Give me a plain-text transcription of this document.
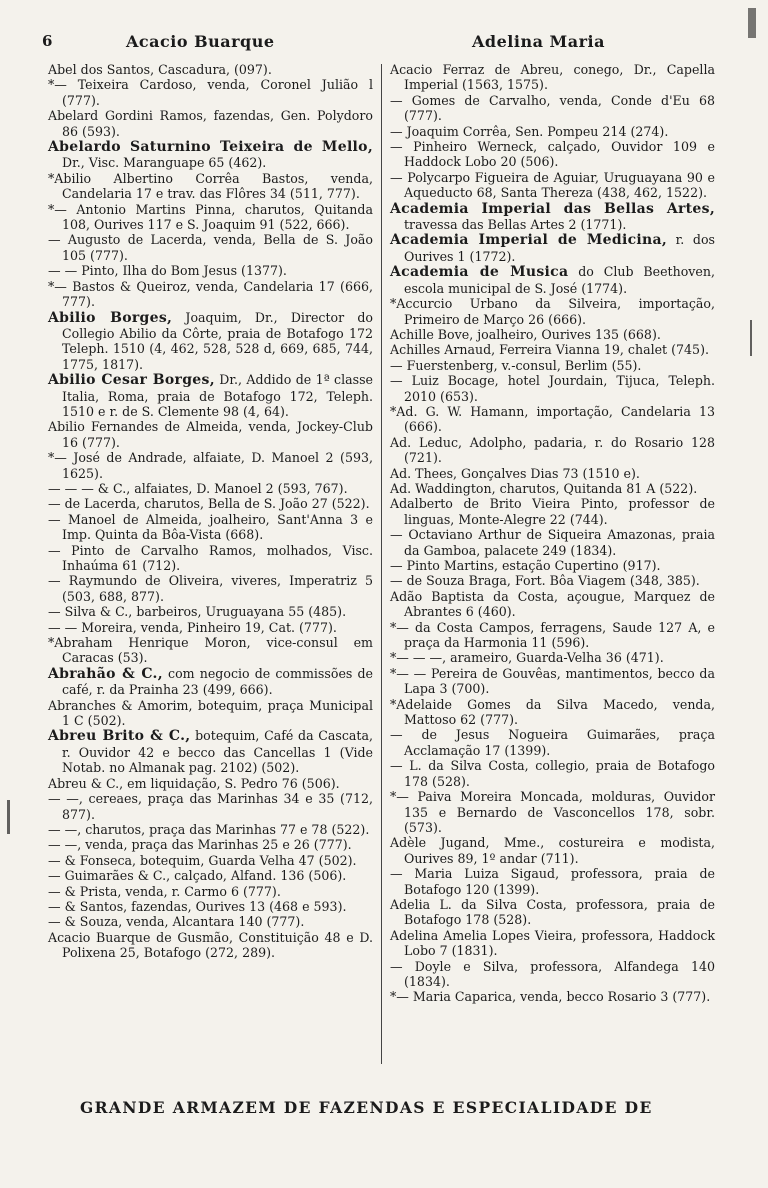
6	Acacio Buarque	Adelina Maria
Abel dos Santos, Cascadura, (097).
*— Teixeira Cardoso, venda, Coronel Julião l (777).
Abelard Gordini Ramos, fazendas, Gen. Polydoro 86 (593).
Abelardo Saturnino Teixeira de Mello, Dr., Visc. Maranguape 65 (462).
*Abilio Albertino Corrêa Bastos, venda, Candelaria 17 e trav. das Flôres 34 (511, 777).
*— Antonio Martins Pinna, charutos, Quitanda 108, Ourives 117 e S. Joaquim 91 (522, 666).
— Augusto de Lacerda, venda, Bella de S. João 105 (777).
— — Pinto, Ilha do Bom Jesus (1377).
*— Bastos & Queiroz, venda, Candelaria 17 (666, 777).
Abilio Borges, Joaquim, Dr., Director do Collegio Abilio da Côrte, praia de Botafogo 172 Teleph. 1510 (4, 462, 528, 528 d, 669, 685, 744, 1775, 1817).
Abilio Cesar Borges, Dr., Addido de 1ª classe Italia, Roma, praia de Botafogo 172, Teleph. 1510 e r. de S. Clemente 98 (4, 64).
Abilio Fernandes de Almeida, venda, Jockey-Club 16 (777).
*— José de Andrade, alfaiate, D. Manoel 2 (593, 1625).
— — — & C., alfaiates, D. Manoel 2 (593, 767).
— de Lacerda, charutos, Bella de S. João 27 (522).
— Manoel de Almeida, joalheiro, Sant'Anna 3 e Imp. Quinta da Bôa-Vista (668).
— Pinto de Carvalho Ramos, molhados, Visc. Inhaúma 61 (712).
— Raymundo de Oliveira, viveres, Imperatriz 5 (503, 688, 877).
— Silva & C., barbeiros, Uruguayana 55 (485).
— — Moreira, venda, Pinheiro 19, Cat. (777).
*Abraham Henrique Moron, vice-consul em Caracas (53).
Abrahão & C., com negocio de commissões de café, r. da Prainha 23 (499, 666).
Abranches & Amorim, botequim, praça Municipal 1 C (502).
Abreu Brito & C., botequim, Café da Cascata, r. Ouvidor 42 e becco das Cancellas 1 (Vide Notab. no Almanak pag. 2102) (502).
Abreu & C., em liquidação, S. Pedro 76 (506).
— —, cereaes, praça das Marinhas 34 e 35 (712, 877).
— —, charutos, praça das Marinhas 77 e 78 (522).
— —, venda, praça das Marinhas 25 e 26 (777).
— & Fonseca, botequim, Guarda Velha 47 (502).
— Guimarães & C., calçado, Alfand. 136 (506).
— & Prista, venda, r. Carmo 6 (777).
— & Santos, fazendas, Ourives 13 (468 e 593).
— & Souza, venda, Alcantara 140 (777).
Acacio Buarque de Gusmão, Constituição 48 e D. Polixena 25, Botafogo (272, 289).
Acacio Ferraz de Abreu, conego, Dr., Capella Imperial (1563, 1575).
— Gomes de Carvalho, venda, Conde d'Eu 68 (777).
— Joaquim Corrêa, Sen. Pompeu 214 (274).
— Pinheiro Werneck, calçado, Ouvidor 109 e Haddock Lobo 20 (506).
— Polycarpo Figueira de Aguiar, Uruguayana 90 e Aqueducto 68, Santa Thereza (438, 462, 1522).
Academia Imperial das Bellas Artes, travessa das Bellas Artes 2 (1771).
Academia Imperial de Medicina, r. dos Ourives 1 (1772).
Academia de Musica do Club Beethoven, escola municipal de S. José (1774).
*Accurcio Urbano da Silveira, importação, Primeiro de Março 26 (666).
Achille Bove, joalheiro, Ourives 135 (668).
Achilles Arnaud, Ferreira Vianna 19, chalet (745).
— Fuerstenberg, v.-consul, Berlim (55).
— Luiz Bocage, hotel Jourdain, Tijuca, Teleph. 2010 (653).
*Ad. G. W. Hamann, importação, Candelaria 13 (666).
Ad. Leduc, Adolpho, padaria, r. do Rosario 128 (721).
Ad. Thees, Gonçalves Dias 73 (1510 e).
Ad. Waddington, charutos, Quitanda 81 A (522).
Adalberto de Brito Vieira Pinto, professor de linguas, Monte-Alegre 22 (744).
— Octaviano Arthur de Siqueira Amazonas, praia da Gamboa, palacete 249 (1834).
— Pinto Martins, estação Cupertino (917).
— de Souza Braga, Fort. Bôa Viagem (348, 385).
Adão Baptista da Costa, açougue, Marquez de Abrantes 6 (460).
*— da Costa Campos, ferragens, Saude 127 A, e praça da Harmonia 11 (596).
*— — —, arameiro, Guarda-Velha 36 (471).
*— — Pereira de Gouvêas, mantimentos, becco da Lapa 3 (700).
*Adelaide Gomes da Silva Macedo, venda, Mattoso 62 (777).
— de Jesus Nogueira Guimarães, praça Acclamação 17 (1399).
— L. da Silva Costa, collegio, praia de Botafogo 178 (528).
*— Paiva Moreira Moncada, molduras, Ouvidor 135 e Bernardo de Vasconcellos 178, sobr. (573).
Adèle Jugand, Mme., costureira e modista, Ourives 89, 1º andar (711).
— Maria Luiza Sigaud, professora, praia de Botafogo 120 (1399).
Adelia L. da Silva Costa, professora, praia de Botafogo 178 (528).
Adelina Amelia Lopes Vieira, professora, Haddock Lobo 7 (1831).
— Doyle e Silva, professora, Alfandega 140 (1834).
*— Maria Caparica, venda, becco Rosario 3 (777).
GRANDE ARMAZEM DE FAZENDAS E ESPECIALIDADE DE
